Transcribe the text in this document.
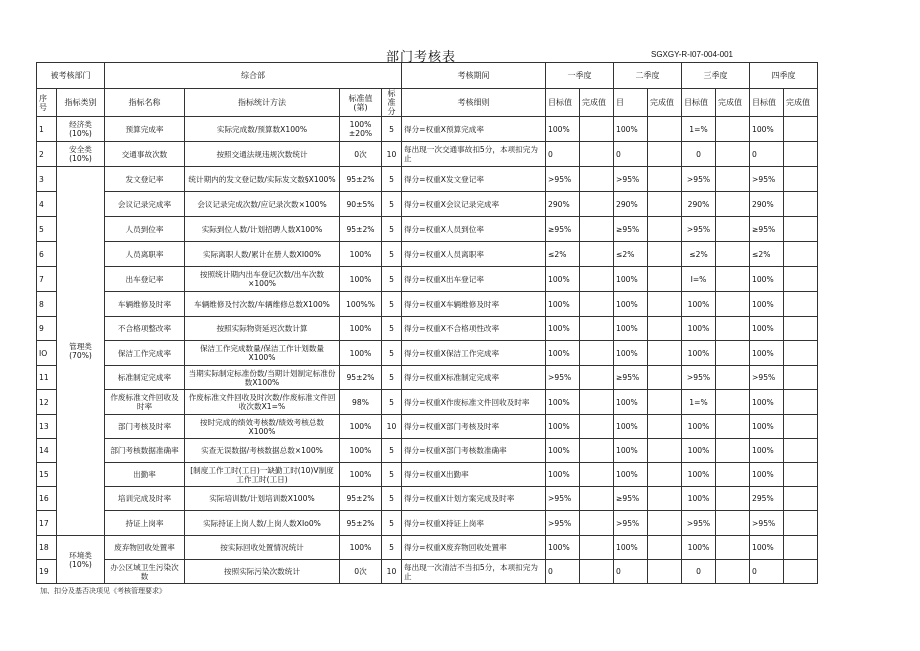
部门考核表	SGXGY-R-I07-004-001
被考核部门		综合部				考核期间	一季度		二季度		三季度		四季度	
序号	指标类别	指标名称	指标统计方法	标准值(第)	标准分	考核细则	目标值	完成值	目	完成值	目标值	完成值	目标值	完成值
1	经济类(10%)	预算完成率	实际完成数/预算数X100%	100%±20%	5	得分=权重X预算完成率	100%		100%		1=%		100%	
2	安全类(10%)	交通事故次数	按照交通法规违规次数统计	0次	10	每出现一次交通事故扣5分，本项扣完为止	0		0		0		0	
3	管理类(70%)	发文登记率	统计期内的发文登记数/实际发文数§X100%	95±2%	5	得分=权重X发文登记率	>95%		>95%		>95%		>95%	
4		会议记录完成率	会议记录完成次数/应记录次数×100%	90±5%	5	得分=权重X会议记录完成率	290%		290%		290%		290%	
5		人员到位率	实际到位人数/计划招聘人数X100%	95±2%	5	得分=权重X人员到位率	≥95%		≥95%		>95%		≥95%	
6		人员离职率	实际离职人数/累计在册人数XI00%	100%	5	得分=权重X人员离职率	≤2%		≤2%		≤2%		≤2%	
7		出车登记率	按照统计期内出车登记次数/出车次数×100%	100%	5	得分=权重X出车登记率	100%		100%		I=%		100%	
8		车辆维修及时率	车辆维修及忖次数/车辆维修总数X100%	100%%	5	得分=权重X车辆维修及时率	100%		100%		100%		100%	
9		不合格项整改率	按照实际物资延迟次数计算	100%	5	得分=权重X不合格项性改率	100%		100%		100%		100%	
IO		保洁工作完成率	保洁工作完成数量/保洁工作计划数量X100%	100%	5	得分=权重X保洁工作完成率	100%		100%		100%		100%	
11		标准制定完成率	当期实际制定标准份数/当期计划制定标准份数X100%	95±2%	5	得分=权重X标准制定完成率	>95%		≥95%		>95%		>95%	
12		作废标准文件回收及时率	作废标准文件回收及时次数/作废标准文件回收次数X1=%	98%	5	得分=权重X作废标准文件回收及时率	100%		100%		1=%		100%	
13		部门考核及时率	按时完成的绩效考核数/绩效考核总数X100%	100%	10	得分=权重X部门考核及时率	100%		100%		100%		100%	
14		部门考核数据准确率	实查无误数据/考核数据总数×100%	100%	5	得分=权重X部门考核数准确率	100%		100%		100%		100%	
15		出勤率	[制度工作工时(工日)一缺勤工时(10)V制度工作工时(工日)	100%	5	得分=权重X出勤率	100%		100%		100%		100%	
16		培训完成及时率	实际培训数/计划培训数X100%	95±2%	5	得分=权重X计划方案完成及时率	>95%		≥95%		100%		295%	
17		持证上岗率	实际持证上岗人数/上岗人数XIo0%	95±2%	5	得分=权重X持证上岗率	>95%		>95%		>95%		>95%	
18	环境类(10%)	废弃物回收处置率	按实际回收处置情况统计	100%	5	得分=权重X废弃物回收处置率	100%		100%		100%		100%	
19		办公区域卫生污染次数	按照实际污染次数统计	0次	10	每出现一次清洁不当扣5分，本项扣完为止	0		0		0		0	
加、扣分及基否决项见《考核管理要求》
